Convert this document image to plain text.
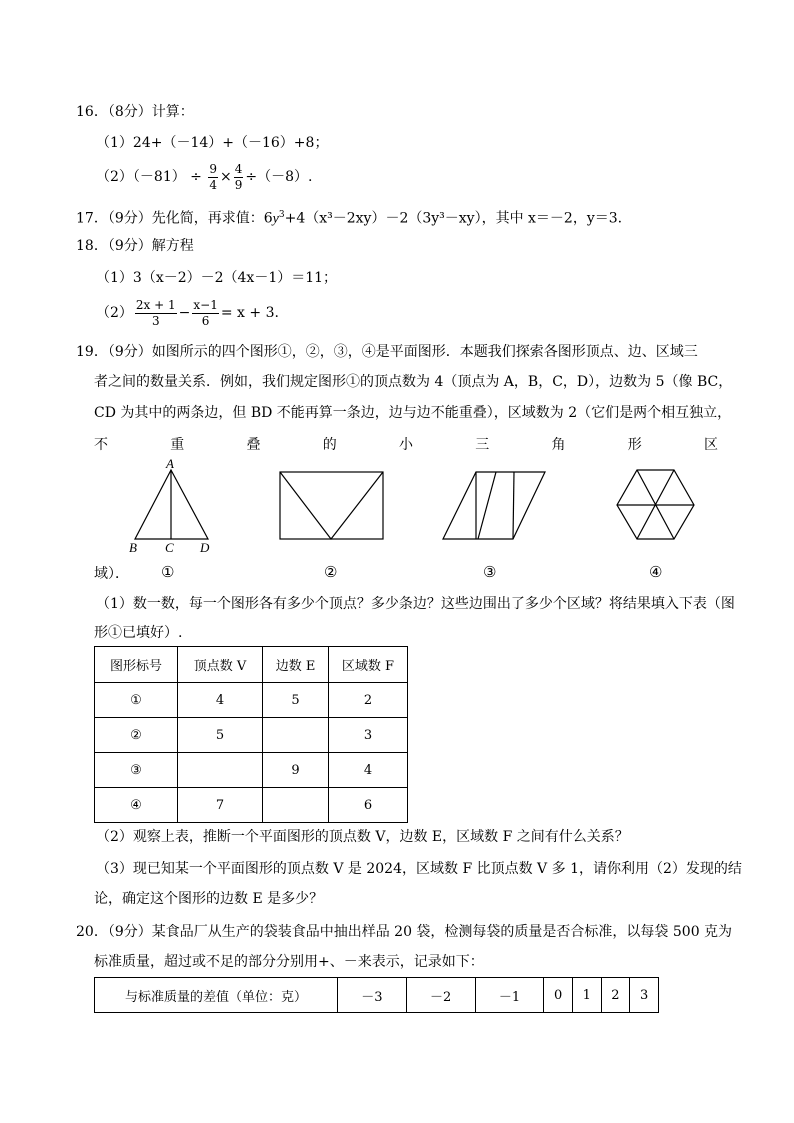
16．（8分）计算：
（1）24+（－14）+（－16）+8；
$(2)(-81) \div \frac{9}{4} \times \frac{4}{9} \div(-8)$.
17．（9分）先化简，再求值：$6y^3+4(x^3-2xy)-2(3y^3-xy)$，其中 x＝－2，y＝3.
18．（9分）解方程
（1）3（x－2）－2（4x－1）＝11；
$(2) \frac{2x + 1}{3} - \frac{x-1}{6} = x + 3$.
19．（9分）如图所示的四个图形①，②，③，④是平面图形．本题我们探索各图形顶点、边、区域三
者之间的数量关系．例如，我们规定图形①的顶点数为 4（顶点为 A，B，C，D），边数为 5（像 BC，
CD 为其中的两条边，但 BD 不能再算一条边，边与边不能重叠），区域数为 2（它们是两个相互独立，
不	重	叠	的	小	三	角	形	区
A
B C D
域）． ①	②	③	④
（1）数一数，每一个图形各有多少个顶点？多少条边？这些边围出了多少个区域？将结果填入下表（图
形①已填好）.
图形标号	顶点数 V	边数 E	区域数 F
①	4	5	2
②	5		3
③		9	4
④	7		6
（2）观察上表，推断一个平面图形的顶点数 V，边数 E，区域数 F 之间有什么关系？
（3）现已知某一个平面图形的顶点数 V 是 2024，区域数 F 比顶点数 V 多 1，请你利用（2）发现的结
论，确定这个图形的边数 E 是多少？
20．（9分）某食品厂从生产的袋装食品中抽出样品 20 袋，检测每袋的质量是否合标准，以每袋 500 克为
标准质量，超过或不足的部分分别用+、－来表示，记录如下：
与标准质量的差值（单位：克）	－3	－2	－1	0	1	2	3
